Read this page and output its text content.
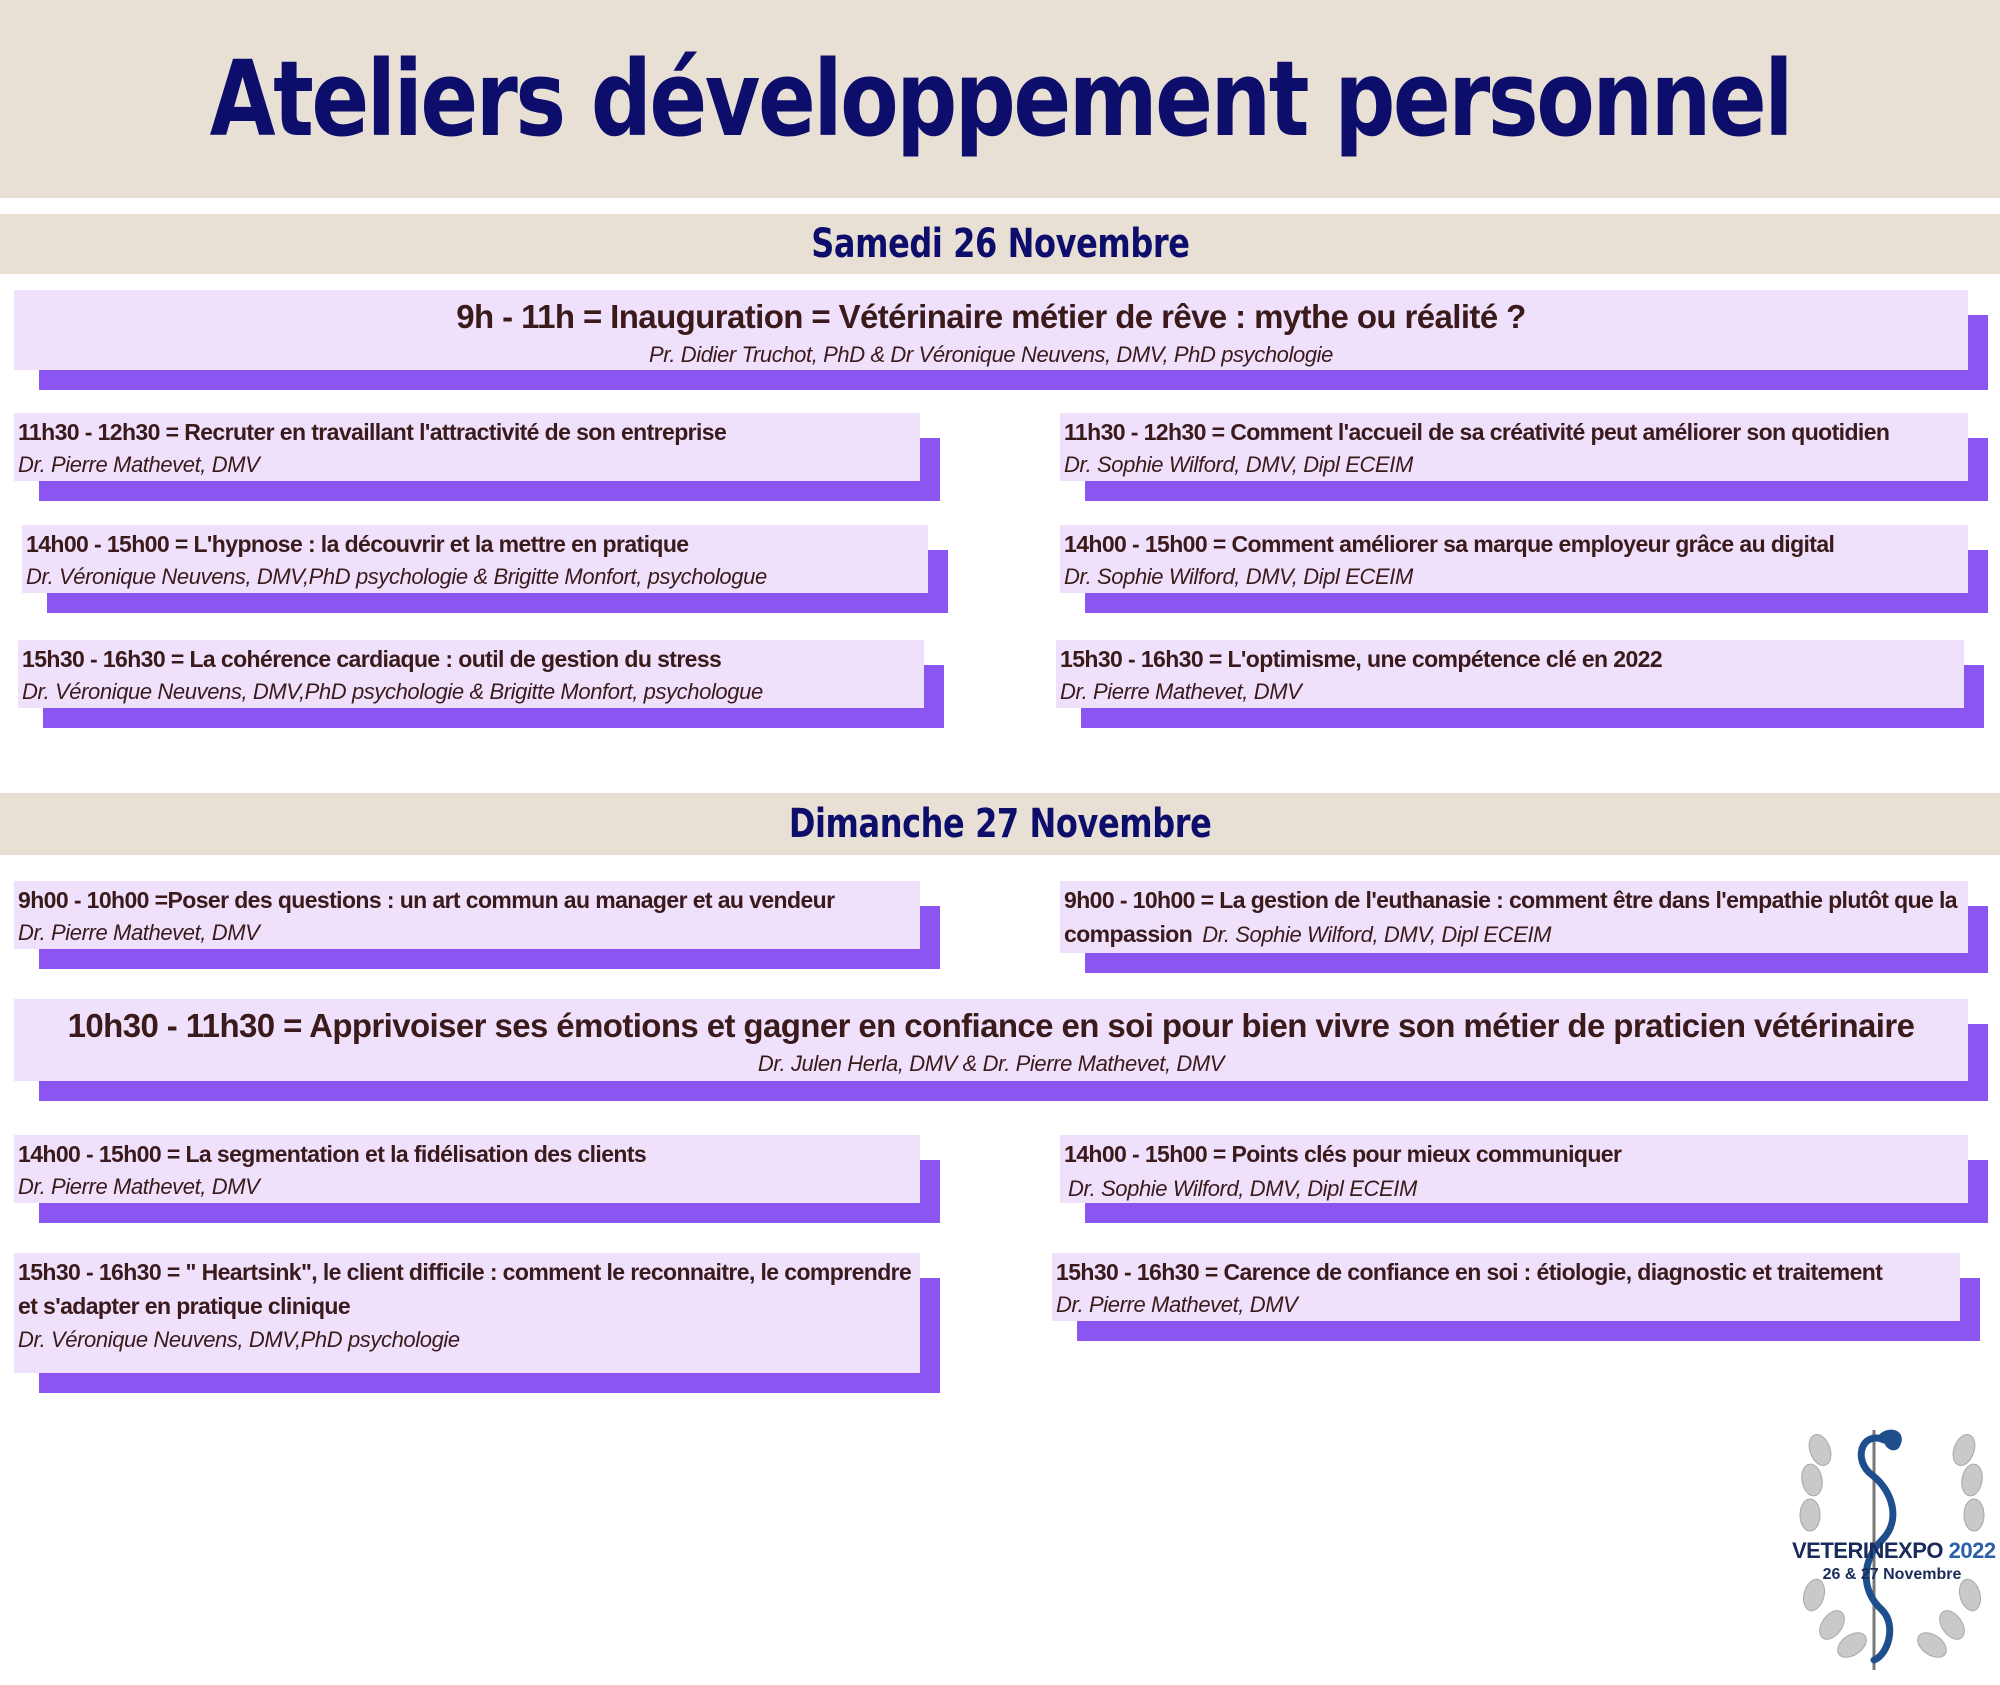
Ateliers développement personnel
Samedi 26 Novembre
9h - 11h = Inauguration = Vétérinaire métier de rêve : mythe ou réalité ?
Pr. Didier Truchot, PhD & Dr Véronique Neuvens, DMV, PhD psychologie
11h30 - 12h30 = Recruter en travaillant l'attractivité de son entreprise
Dr. Pierre Mathevet, DMV
11h30 - 12h30 = Comment l'accueil de sa créativité peut améliorer son quotidien
Dr. Sophie Wilford, DMV, Dipl ECEIM
14h00 - 15h00 = L'hypnose : la découvrir et la mettre en pratique
Dr. Véronique Neuvens, DMV,PhD psychologie & Brigitte Monfort, psychologue
14h00 - 15h00 = Comment améliorer sa marque employeur grâce au digital
Dr. Sophie Wilford, DMV, Dipl ECEIM
15h30 - 16h30 = La cohérence cardiaque : outil de gestion du stress
Dr. Véronique Neuvens, DMV,PhD psychologie & Brigitte Monfort, psychologue
15h30 - 16h30 = L'optimisme, une compétence clé en 2022
Dr. Pierre Mathevet, DMV
Dimanche 27 Novembre
9h00 - 10h00 =Poser des questions : un art commun au manager et au vendeur
Dr. Pierre Mathevet, DMV
9h00 - 10h00 = La gestion de l'euthanasie : comment être dans l'empathie plutôt que la compassion Dr. Sophie Wilford, DMV, Dipl ECEIM
10h30 - 11h30 = Apprivoiser ses émotions et gagner en confiance en soi pour bien vivre son métier de praticien vétérinaire
Dr. Julen Herla, DMV & Dr. Pierre Mathevet, DMV
14h00 - 15h00 = La segmentation et la fidélisation des clients
Dr. Pierre Mathevet, DMV
14h00 - 15h00 = Points clés pour mieux communiquer
Dr. Sophie Wilford, DMV, Dipl ECEIM
15h30 - 16h30 = " Heartsink", le client difficile : comment le reconnaitre, le comprendre et s'adapter en pratique clinique
Dr. Véronique Neuvens, DMV,PhD psychologie
15h30 - 16h30 = Carence de confiance en soi : étiologie, diagnostic et traitement
Dr. Pierre Mathevet, DMV
VETERINEXPO 2022
26 & 27 Novembre
